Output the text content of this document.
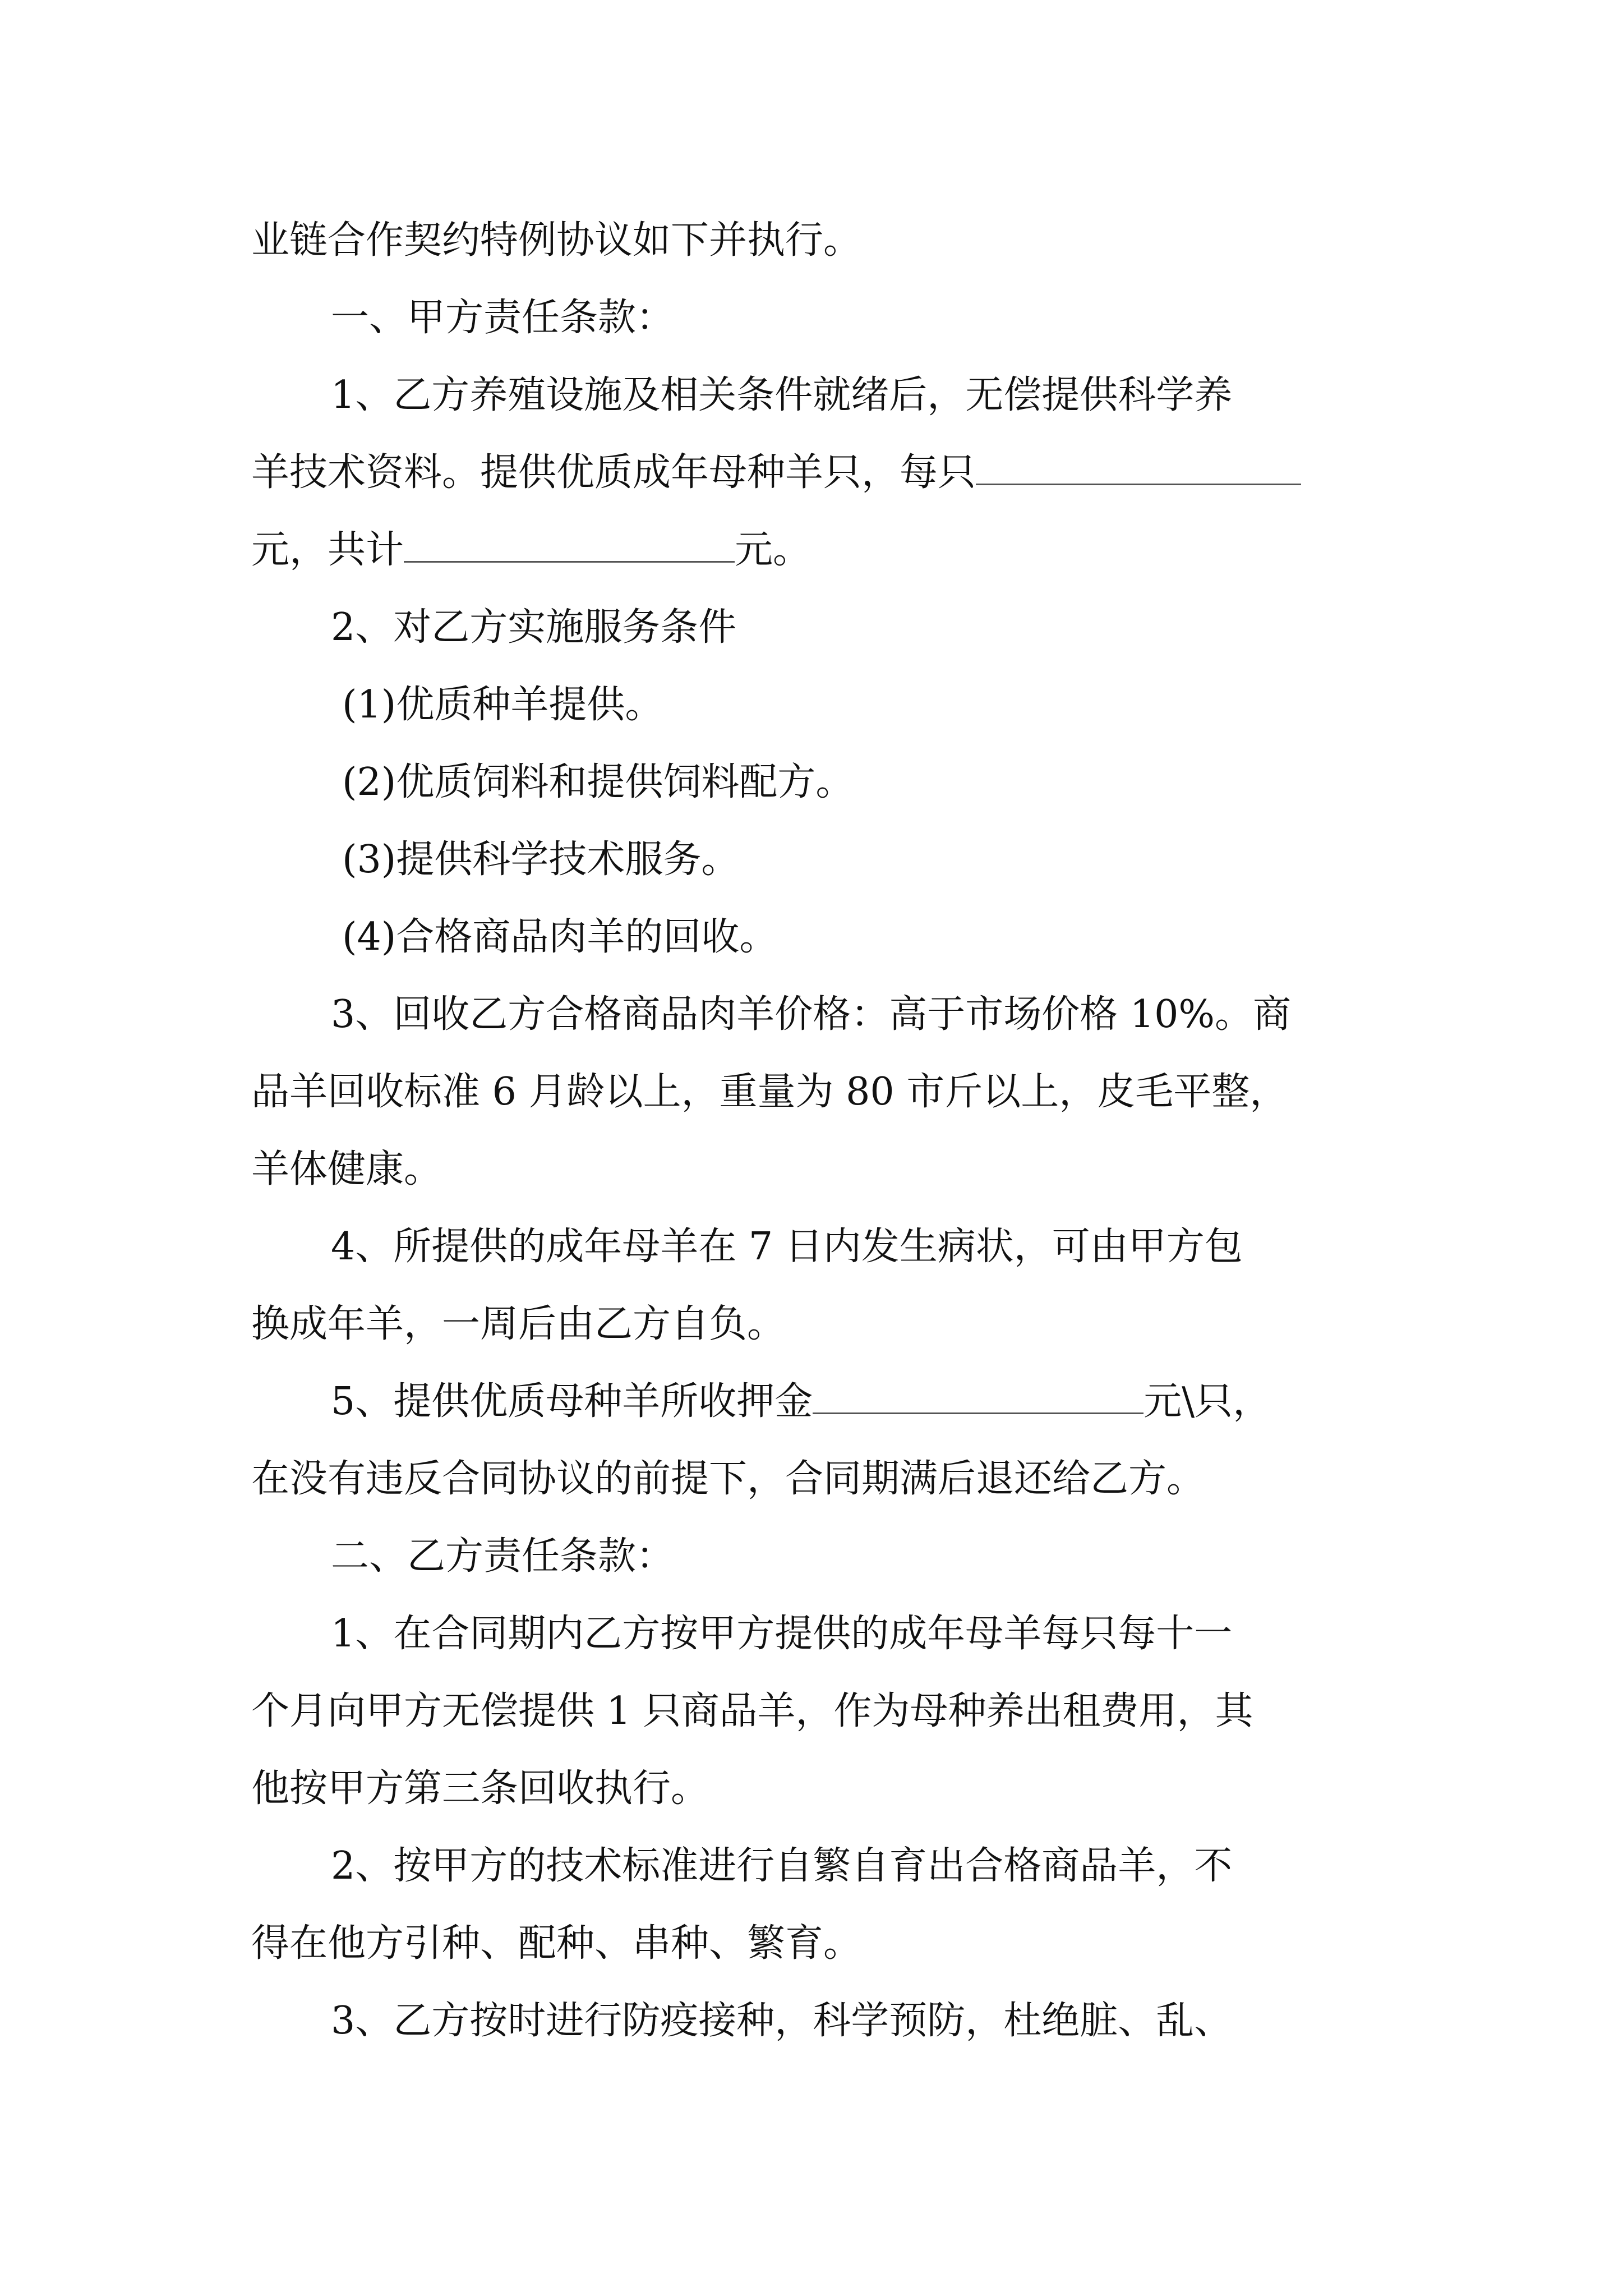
业链合作契约特例协议如下并执行。
一、甲方责任条款：
1、乙方养殖设施及相关条件就绪后，无偿提供科学养
羊技术资料。提供优质成年母种羊只，每只
元，共计	元。
2、对乙方实施服务条件
(1)优质种羊提供。
(2)优质饲料和提供饲料配方。
(3)提供科学技术服务。
(4)合格商品肉羊的回收。
3、回收乙方合格商品肉羊价格：高于市场价格 10%。商
品羊回收标准 6 月龄以上，重量为 80 市斤以上，皮毛平整，
羊体健康。
4、所提供的成年母羊在 7 日内发生病状，可由甲方包
换成年羊，一周后由乙方自负。
5、提供优质母种羊所收押金	元\只，
在没有违反合同协议的前提下，合同期满后退还给乙方。
二、乙方责任条款：
1、在合同期内乙方按甲方提供的成年母羊每只每十一
个月向甲方无偿提供 1 只商品羊，作为母种养出租费用，其
他按甲方第三条回收执行。
2、按甲方的技术标准进行自繁自育出合格商品羊，不
得在他方引种、配种、串种、繁育。
3、乙方按时进行防疫接种，科学预防，杜绝脏、乱、
